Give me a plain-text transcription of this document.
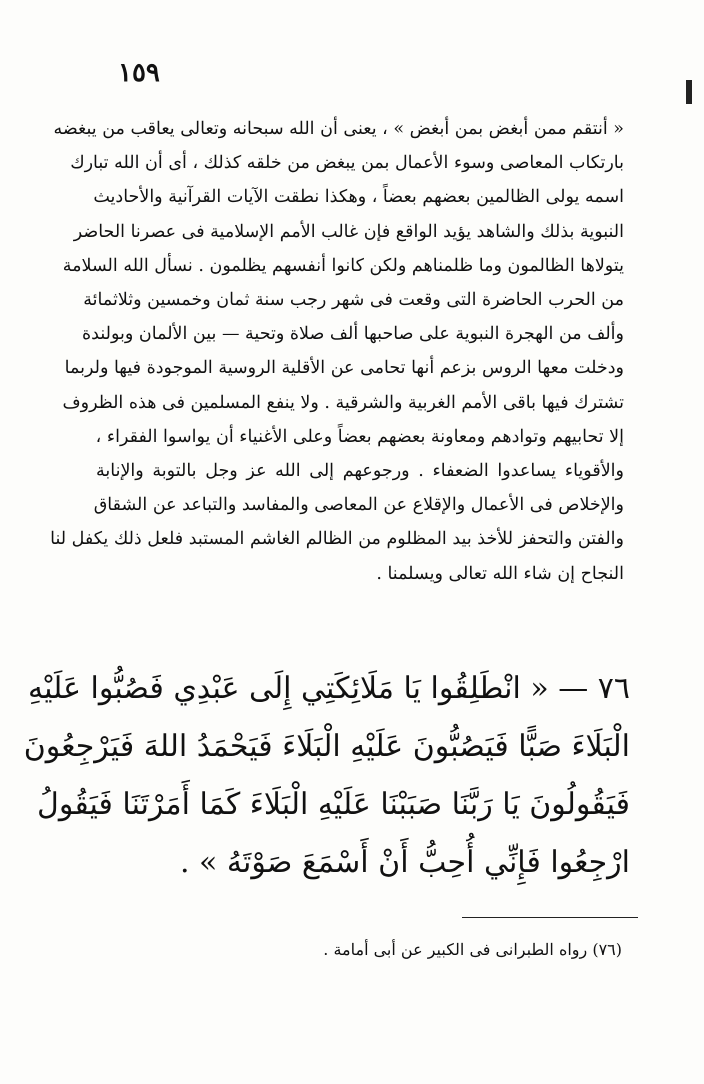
١٥٩
« أنتقم ممن أبغض بمن أبغض » ، يعنى أن الله سبحانه وتعالى يعاقب من يبغضه
بارتكاب المعاصى وسوء الأعمال بمن يبغض من خلقه كذلك ، أى أن الله تبارك
اسمه يولى الظالمين بعضهم بعضاً ، وهكذا نطقت الآيات القرآنية والأحاديث
النبوية بذلك والشاهد يؤيد الواقع فإن غالب الأمم الإسلامية فى عصرنا الحاضر
يتولاها الظالمون وما ظلمناهم ولكن كانوا أنفسهم يظلمون . نسأل الله السلامة
من الحرب الحاضرة التى وقعت فى شهر رجب سنة ثمان وخمسين وثلاثمائة
وألف من الهجرة النبوية على صاحبها ألف صلاة وتحية — بين الألمان وبولندة
ودخلت معها الروس بزعم أنها تحامى عن الأقلية الروسية الموجودة فيها ولربما
تشترك فيها باقى الأمم الغربية والشرقية . ولا ينفع المسلمين فى هذه الظروف
إلا تحابيهم وتوادهم ومعاونة بعضهم بعضاً وعلى الأغنياء أن يواسوا الفقراء ،
والأقوياء يساعدوا الضعفاء . ورجوعهم إلى الله عز وجل بالتوبة والإنابة
والإخلاص فى الأعمال والإقلاع عن المعاصى والمفاسد والتباعد عن الشقاق
والفتن والتحفز للأخذ بيد المظلوم من الظالم الغاشم المستبد فلعل ذلك يكفل لنا
النجاح إن شاء الله تعالى ويسلمنا .
٧٦ — « انْطَلِقُوا يَا مَلَائِكَتِي إِلَى عَبْدِي فَصُبُّوا عَلَيْهِ
الْبَلَاءَ صَبًّا فَيَصُبُّونَ عَلَيْهِ الْبَلَاءَ فَيَحْمَدُ اللهَ فَيَرْجِعُونَ
فَيَقُولُونَ يَا رَبَّنَا صَبَبْنَا عَلَيْهِ الْبَلَاءَ كَمَا أَمَرْتَنَا فَيَقُولُ
ارْجِعُوا فَإِنِّي أُحِبُّ أَنْ أَسْمَعَ صَوْتَهُ » .
(٧٦) رواه الطبرانى فى الكبير عن أبى أمامة .
